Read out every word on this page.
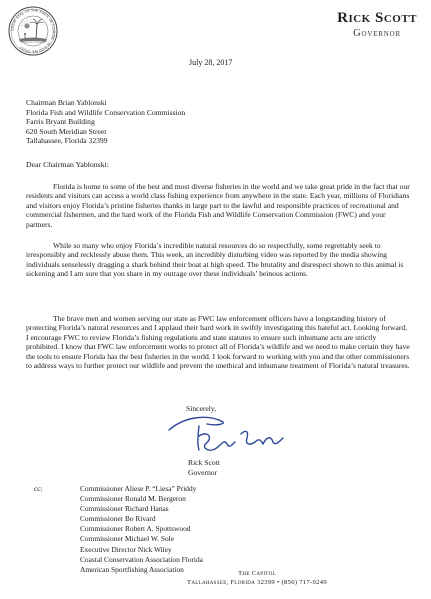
GREAT SEAL OF THE STATE OF FLORIDA · IN GOD WE TRUST
Rick Scott
Governor
July 28, 2017
Chairman Brian Yablonski
Florida Fish and Wildlife Conservation Commission
Farris Bryant Building
620 South Meridian Street
Tallahassee, Florida 32399
Dear Chairman Yablonski:

Florida is home to some of the best and most diverse fisheries in the world and we take great pride in the fact that our residents and visitors can access a world class fishing experience from anywhere in the state. Each year, millions of Floridians and visitors enjoy Florida’s pristine fisheries thanks in large part to the lawful and responsible practices of recreational and commercial fishermen, and the hard work of the Florida Fish and Wildlife Conservation Commission (FWC) and your partners.

While so many who enjoy Florida’s incredible natural resources do so respectfully, some regrettably seek to irresponsibly and recklessly abuse them. This week, an incredibly disturbing video was reported by the media showing individuals senselessly dragging a shark behind their boat at high speed. The brutality and disrespect shown to this animal is sickening and I am sure that you share in my outrage over these individuals’ heinous actions.

The brave men and women serving our state as FWC law enforcement officers have a longstanding history of protecting Florida’s natural resources and I applaud their hard work in swiftly investigating this hateful act. Looking forward, I encourage FWC to review Florida’s fishing regulations and state statutes to ensure such inhumane acts are strictly prohibited. I know that FWC law enforcement works to protect all of Florida’s wildlife and we need to make certain they have the tools to ensure Florida has the best fisheries in the world. I look forward to working with you and the other commissioners to address ways to further protect our wildlife and prevent the unethical and inhumane treatment of Florida’s natural treasures.

Sincerely,
Rick Scott
Governor
cc:	Commissioner Aliese P. “Liesa” Priddy
Commissioner Ronald M. Bergeron
Commissioner Richard Hanas
Commissioner Bo Rivard
Commissioner Robert A. Spottswood
Commissioner Michael W. Sole
Executive Director Nick Wiley
Coastal Conservation Association Florida
American Sportfishing Association	The Capitol
Tallahassee, Florida 32399 • (850) 717-9249
